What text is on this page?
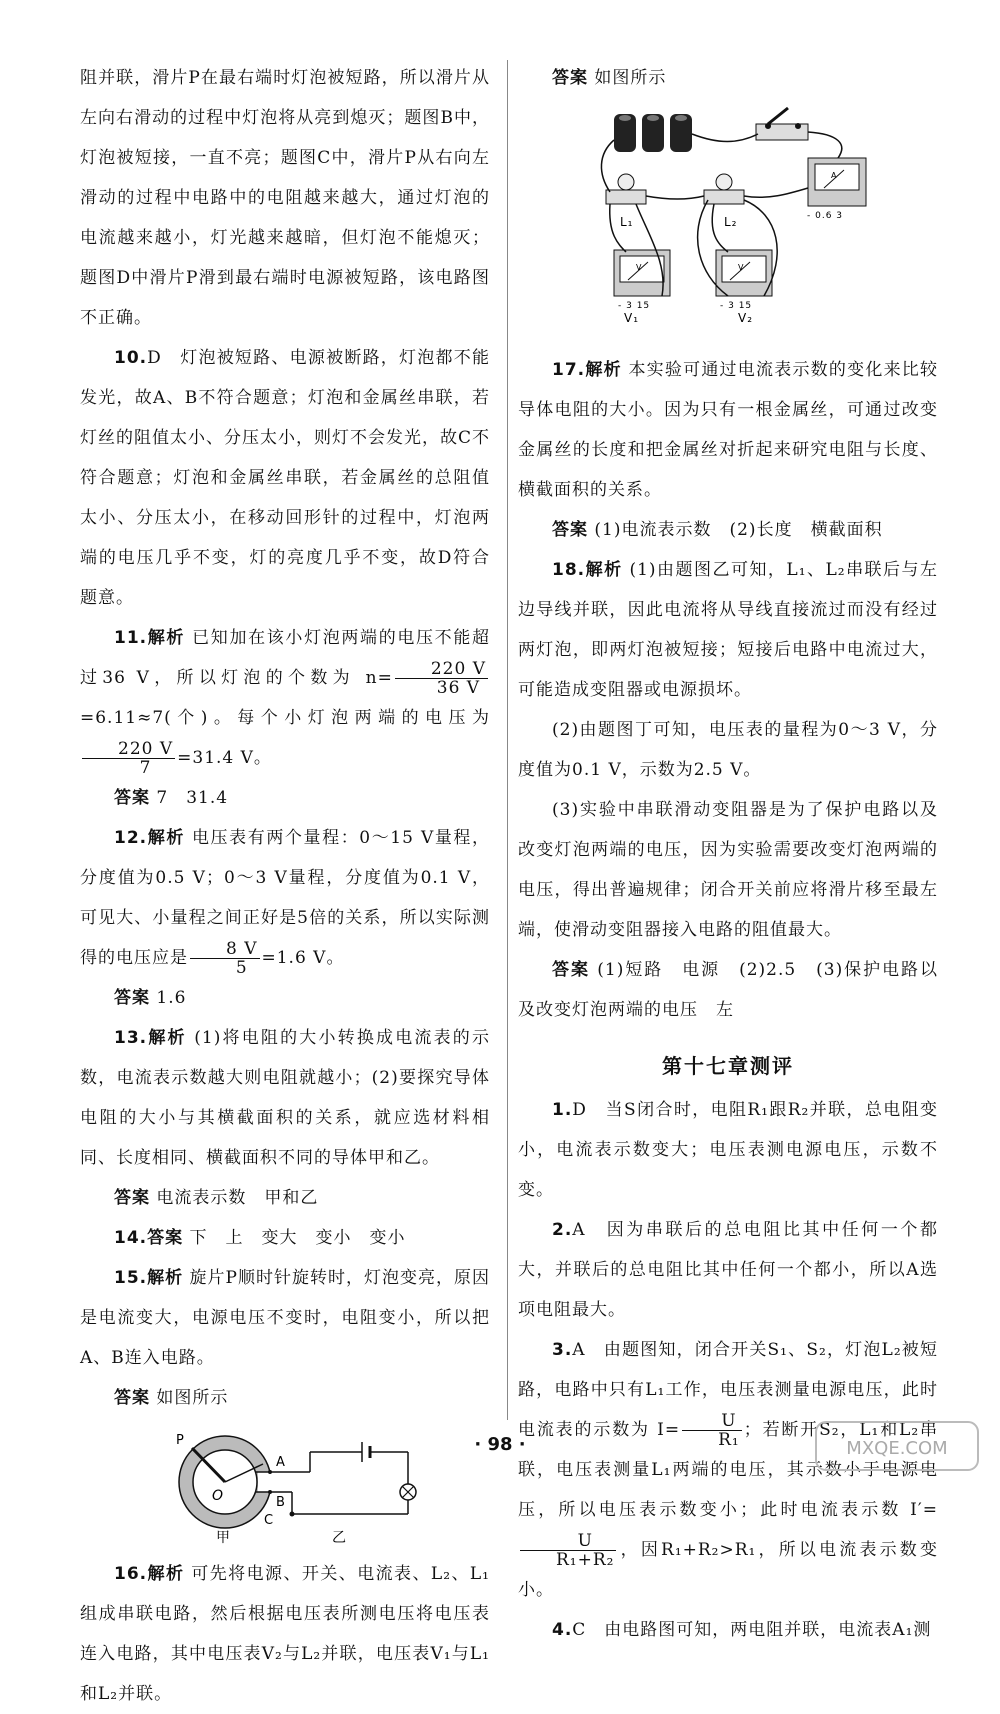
阻并联，滑片P在最右端时灯泡被短路，所以滑片从左向右滑动的过程中灯泡将从亮到熄灭；题图B中，灯泡被短接，一直不亮；题图C中，滑片P从右向左滑动的过程中电路中的电阻越来越大，通过灯泡的电流越来越小，灯光越来越暗，但灯泡不能熄灭；题图D中滑片P滑到最右端时电源被短路，该电路图不正确。

10.D　灯泡被短路、电源被断路，灯泡都不能发光，故A、B不符合题意；灯泡和金属丝串联，若灯丝的阻值太小、分压太小，则灯不会发光，故C不符合题意；灯泡和金属丝串联，若金属丝的总阻值太小、分压太小，在移动回形针的过程中，灯泡两端的电压几乎不变，灯的亮度几乎不变，故D符合题意。

11.解析 已知加在该小灯泡两端的电压不能超过36 V，所以灯泡的个数为 $n= \frac{220 V}{36 V}$
=6.11≈7(个)。每个小灯泡两端的电压为
$\frac{220 V}{7} =31.4$ V。

答案 7　31.4

12.解析 电压表有两个量程：0～15 V量程，分度值为0.5 V；0～3 V量程，分度值为0.1 V，可见大、小量程之间正好是5倍的关系，所以实际测得的电压应是 $\frac{8 V}{5} =1.6$ V。

答案 1.6

13.解析 (1)将电阻的大小转换成电流表的示数，电流表示数越大则电阻就越小；(2)要探究导体电阻的大小与其横截面积的关系，就应选材料相同、长度相同、横截面积不同的导体甲和乙。

答案 电流表示数　甲和乙

14.答案 下　上　变大　变小　变小

15.解析 旋片P顺时针旋转时，灯泡变亮，原因是电流变大，电源电压不变时，电阻变小，所以把A、B连入电路。

答案 如图所示

P
A
B
C
O
甲	乙

16.解析 可先将电源、开关、电流表、L₂、L₁组成串联电路，然后根据电压表所测电压将电压表连入电路，其中电压表V₂与L₂并联，电压表V₁与L₁和L₂并联。

答案 如图所示

A
- 0.6 3
L₁	L₂
V
- 3 15
V₁
V
- 3 15
V₂

17.解析 本实验可通过电流表示数的变化来比较导体电阻的大小。因为只有一根金属丝，可通过改变金属丝的长度和把金属丝对折起来研究电阻与长度、横截面积的关系。

答案 (1)电流表示数　(2)长度　横截面积

18.解析 (1)由题图乙可知，L₁、L₂串联后与左边导线并联，因此电流将从导线直接流过而没有经过两灯泡，即两灯泡被短接；短接后电路中电流过大，可能造成变阻器或电源损坏。

(2)由题图丁可知，电压表的量程为0～3 V，分度值为0.1 V，示数为2.5 V。

(3)实验中串联滑动变阻器是为了保护电路以及改变灯泡两端的电压，因为实验需要改变灯泡两端的电压，得出普遍规律；闭合开关前应将滑片移至最左端，使滑动变阻器接入电路的阻值最大。

答案 (1)短路　电源　(2)2.5　(3)保护电路以及改变灯泡两端的电压　左

第十七章测评

1.D　当S闭合时，电阻R₁跟R₂并联，总电阻变小，电流表示数变大；电压表测电源电压，示数不变。

2.A　因为串联后的总电阻比其中任何一个都大，并联后的总电阻比其中任何一个都小，所以A选项电阻最大。

3.A　由题图知，闭合开关S₁、S₂，灯泡L₂被短路，电路中只有L₁工作，电压表测量电源电压，此时电流表的示数为 $I= \frac{U}{\text{R₁}}$ ；若断开S₂，L₁和L₂串联，电压表测量L₁两端的电压，其示数小于电源电压，所以电压表示数变小；此时电流表示数 I′=
$\frac{U}{\text{R₁+R₂}}$ ，因R₁+R₂>R₁，所以电流表示数变小。

4.C　由电路图可知，两电阻并联，电流表A₁测

· 98 ·	MXQE.COM
